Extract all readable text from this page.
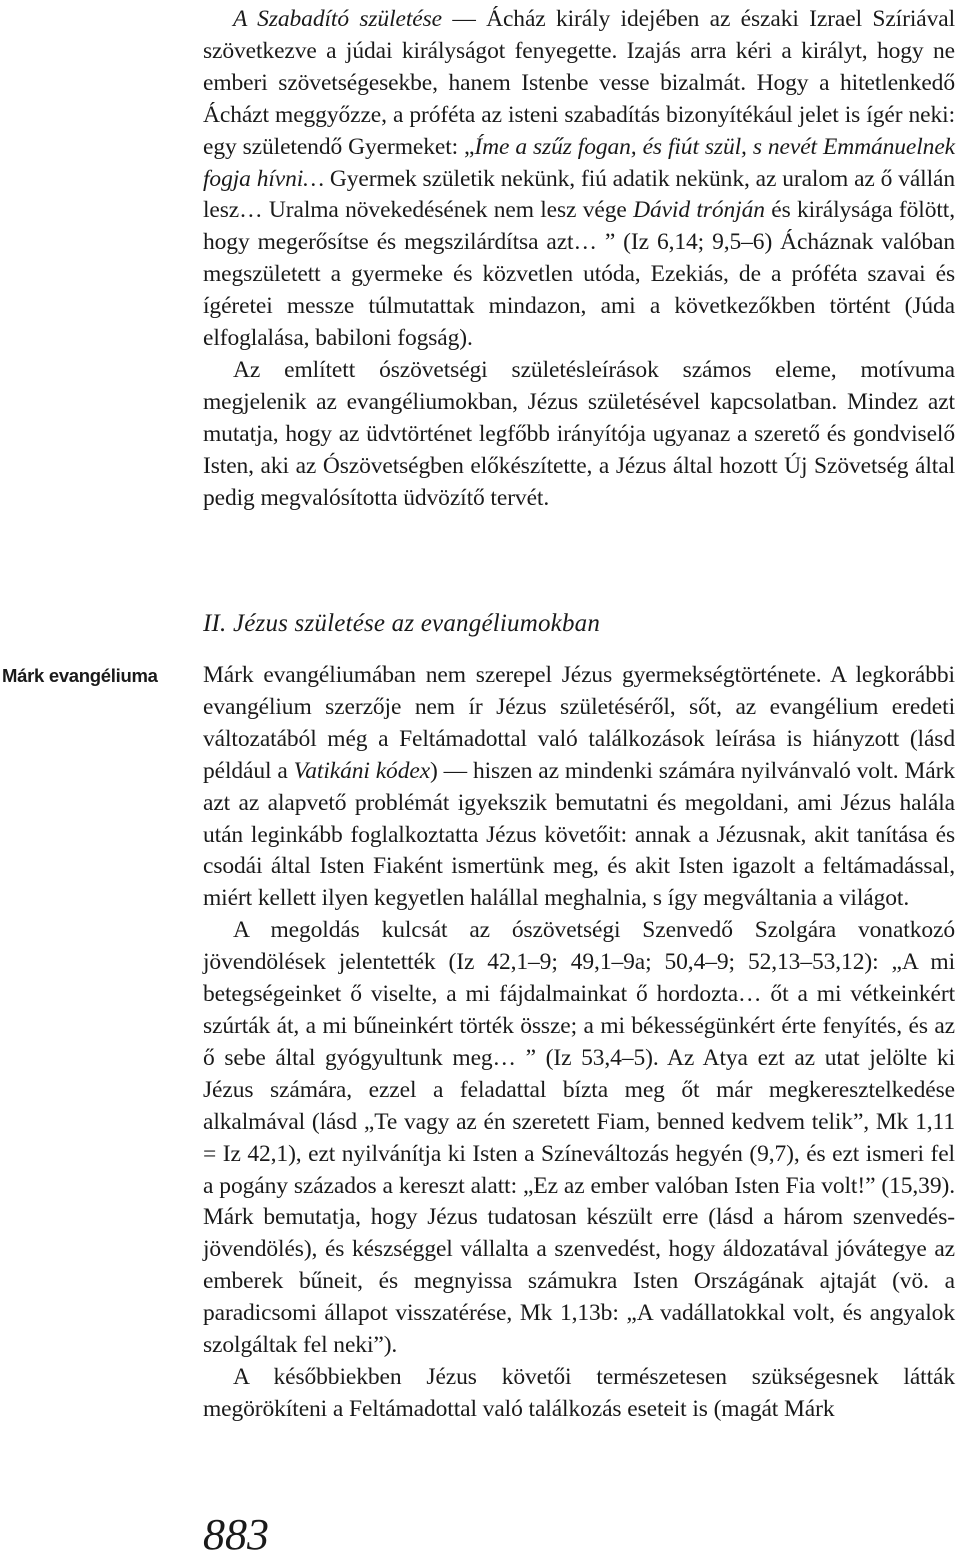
A Szabadító születése — Ácház király idejében az északi Izrael Szíriával szövetkezve a júdai királyságot fenyegette. Izajás arra kéri a királyt, hogy ne emberi szövetségesekbe, hanem Istenbe vesse bizalmát. Hogy a hitetlenkedő Ácházt meggyőzze, a próféta az isteni szabadítás bizonyítékául jelet is ígér neki: egy születendő Gyermeket: „Íme a szűz fogan, és fiút szül, s nevét Emmánuelnek fogja hívni… Gyermek születik nekünk, fiú adatik nekünk, az uralom az ő vállán lesz… Uralma növekedésének nem lesz vége Dávid trónján és királysága fölött, hogy megerősítse és megszilárdítsa azt… ” (Iz 6,14; 9,5–6) Ácháznak valóban megszületett a gyermeke és közvetlen utóda, Ezekiás, de a próféta szavai és ígéretei messze túlmutattak mindazon, ami a következőkben történt (Júda elfoglalása, babiloni fogság).

Az említett ószövetségi születésleírások számos eleme, motívuma megjelenik az evangéliumokban, Jézus születésével kapcsolatban. Mindez azt mutatja, hogy az üdvtörténet legfőbb irányítója ugyanaz a szerető és gondviselő Isten, aki az Ószövetségben előkészítette, a Jézus által hozott Új Szövetség által pedig megvalósította üdvözítő tervét.

II. Jézus születése az evangéliumokban
Márk evangéliuma	Márk evangéliumában nem szerepel Jézus gyermekségtörténete. A legkorábbi evangélium szerzője nem ír Jézus születéséről, sőt, az evangélium eredeti változatából még a Feltámadottal való találkozások leírása is hiányzott (lásd például a Vatikáni kódex) — hiszen az mindenki számára nyilvánvaló volt. Márk azt az alapvető problémát igyekszik bemutatni és megoldani, ami Jézus halála után leginkább foglalkoztatta Jézus követőit: annak a Jézusnak, akit tanítása és csodái által Isten Fiaként ismertünk meg, és akit Isten igazolt a feltámadással, miért kellett ilyen kegyetlen halállal meghalnia, s így megváltania a világot.

A megoldás kulcsát az ószövetségi Szenvedő Szolgára vonatkozó jövendölések jelentették (Iz 42,1–9; 49,1–9a; 50,4–9; 52,13–53,12): „A mi betegségeinket ő viselte, a mi fájdalmainkat ő hordozta… őt a mi vétkeinkért szúrták át, a mi bűneinkért törték össze; a mi békességünkért érte fenyítés, és az ő sebe által gyógyultunk meg… ” (Iz 53,4–5). Az Atya ezt az utat jelölte ki Jézus számára, ezzel a feladattal bízta meg őt már megkeresztelkedése alkalmával (lásd „Te vagy az én szeretett Fiam, benned kedvem telik”, Mk 1,11 = Iz 42,1), ezt nyilvánítja ki Isten a Színeváltozás hegyén (9,7), és ezt ismeri fel a pogány százados a kereszt alatt: „Ez az ember valóban Isten Fia volt!” (15,39). Márk bemutatja, hogy Jézus tudatosan készült erre (lásd a három szenvedés-jövendölés), és készséggel vállalta a szenvedést, hogy áldozatával jóvátegye az emberek bűneit, és megnyissa számukra Isten Országának ajtaját (vö. a paradicsomi állapot visszatérése, Mk 1,13b: „A vadállatokkal volt, és angyalok szolgáltak fel neki”).

A későbbiekben Jézus követői természetesen szükségesnek látták megörökíteni a Feltámadottal való találkozás eseteit is (magát Márk

883
